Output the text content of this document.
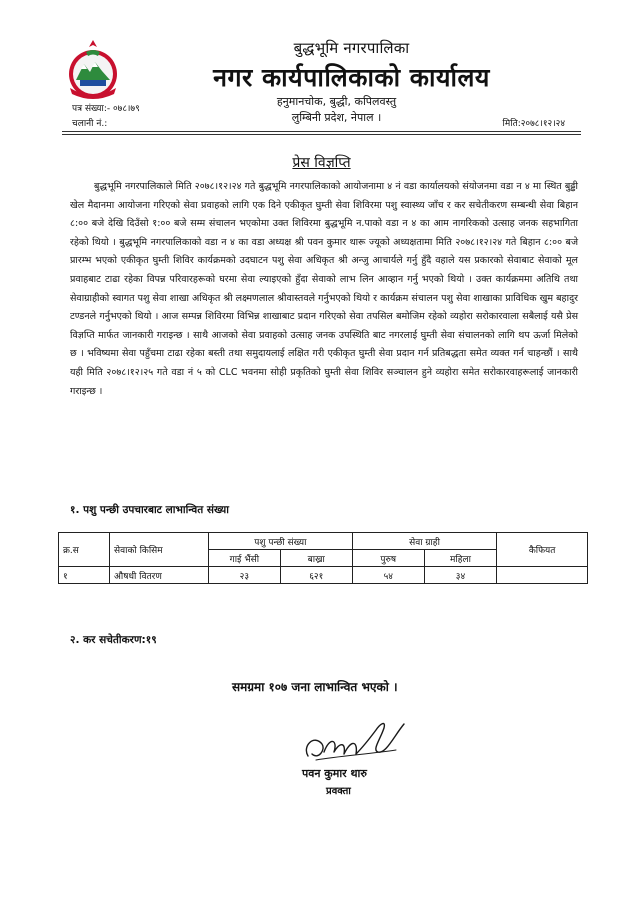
बुद्धभूमि नगरपालिका
नगर कार्यपालिकाको कार्यालय
हनुमानचोक, बुद्धी, कपिलवस्तु
लुम्बिनी प्रदेश, नेपाल ।
पत्र संख्या:- ०७८।७९
चलानी नं.:	मिति:२०७८।१२।२४
प्रेस विज्ञप्ति
बुद्धभूमि नगरपालिकाले मिति २०७८।१२।२४ गते बुद्धभूमि नगरपालिकाको आयोजनामा ४ नं वडा कार्यालयको संयोजनमा वडा न ४ मा स्थित बुढ्ढी खेल मैदानमा आयोजना गरिएको सेवा प्रवाहको लागि एक दिने एकीकृत घुम्ती सेवा शिविरमा पशु स्वास्थ्य जाँच र कर सचेतीकरण सम्बन्धी सेवा बिहान ८:०० बजे देखि दिउँसो १:०० बजे सम्म संचालन भएकोमा उक्त शिविरमा बुद्धभूमि न.पाको वडा न ४ का आम नागरिकको उत्साह जनक सहभागिता रहेको थियो । बुद्धभूमि नगरपालिकाको वडा न ४ का वडा अध्यक्ष श्री पवन कुमार थारू ज्यूको अध्यक्षतामा मिति २०७८।१२।२४ गते बिहान ८:०० बजे प्रारम्भ भएको एकीकृत घुम्ती शिविर कार्यक्रमको उदघाटन पशु सेवा अधिकृत श्री अन्जु आचार्यले गर्नु हुँदै वहाले यस प्रकारको सेवाबाट सेवाको मूल प्रवाहबाट टाढा रहेका विपन्न परिवारहरूको घरमा सेवा ल्याइएको हुँदा सेवाको लाभ लिन आव्हान गर्नु भएको थियो । उक्त कार्यक्रममा अतिथि तथा सेवाग्राहीको स्वागत पशु सेवा शाखा अधिकृत श्री लक्ष्मणलाल श्रीवास्तवले गर्नुभएको थियो र कार्यक्रम संचालन पशु सेवा शाखाका प्राविधिक खुम बहादुर टण्डनले गर्नुभएको थियो । आज सम्पन्न शिविरमा विभिन्न शाखाबाट प्रदान गरिएको सेवा तपसिल बमोजिम रहेको व्यहोरा सरोकारवाला सबैलाई यसै प्रेस विज्ञप्ति मार्फत जानकारी गराइन्छ । साथै आजको सेवा प्रवाहको उत्साह जनक उपस्थिति बाट नगरलाई घुम्ती सेवा संचालनको लागि थप ऊर्जा मिलेको छ । भविष्यमा सेवा पहुँचमा टाढा रहेका बस्ती तथा समुदायलाई लक्षित गरी एकीकृत घुम्ती सेवा प्रदान गर्न प्रतिबद्धता समेत व्यक्त गर्न चाहन्छौं । साथै यही मिति २०७८।१२।२५ गते वडा नं ५ को CLC भवनमा सोही प्रकृतिको घुम्ती सेवा शिविर सञ्चालन हुने व्यहोरा समेत सरोकारवाहरूलाई जानकारी गराइन्छ ।
१. पशु पन्छी उपचारबाट लाभान्वित संख्या
क्र.स	सेवाको किसिम	पशु पन्छी संख्या		सेवा ग्राही		कैफियत
		गाई भैंसी	बाख्रा	पुरुष	महिला	
१	औषधी वितरण	२३	६२१	५४	३४	
२. कर सचेतीकरण:१९
समग्रमा १०७ जना लाभान्वित भएको ।
पवन कुमार थारु
प्रवक्ता
